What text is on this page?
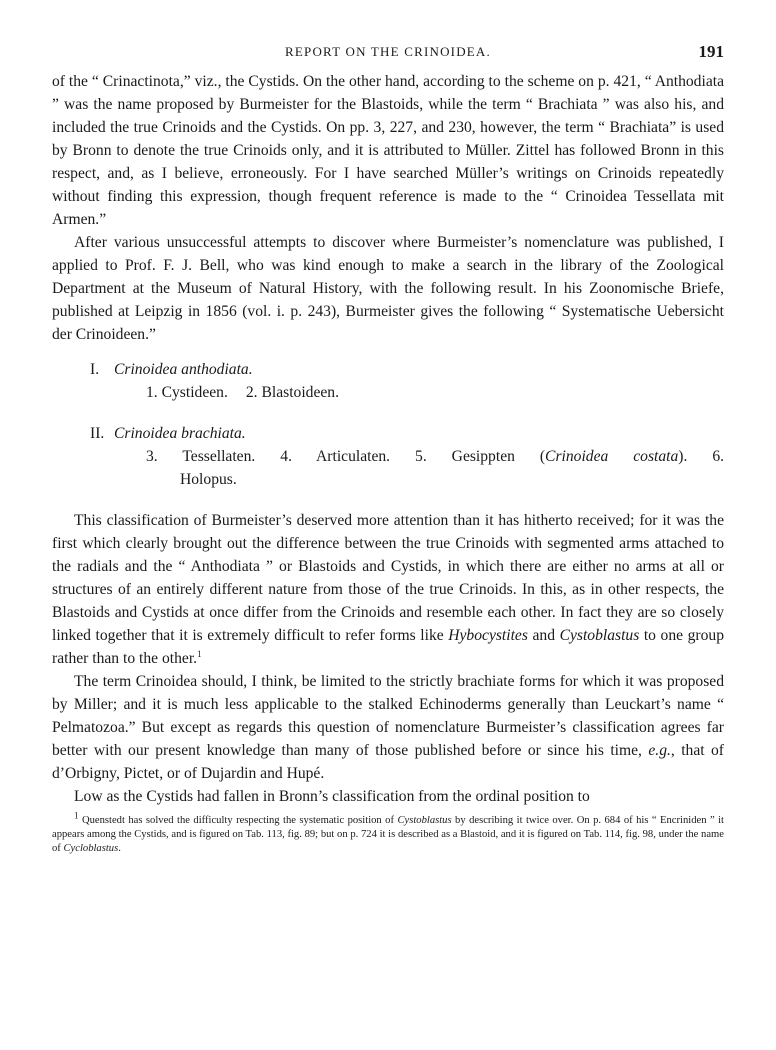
REPORT ON THE CRINOIDEA.	191

of the “ Crinactinota,” viz., the Cystids. On the other hand, according to the scheme on p. 421, “ Anthodiata ” was the name proposed by Burmeister for the Blastoids, while the term “ Brachiata ” was also his, and included the true Crinoids and the Cystids. On pp. 3, 227, and 230, however, the term “ Brachiata” is used by Bronn to denote the true Crinoids only, and it is attributed to Müller. Zittel has followed Bronn in this respect, and, as I believe, erroneously. For I have searched Müller’s writings on Crinoids repeatedly without finding this expression, though frequent reference is made to the “ Crinoidea Tessellata mit Armen.”

After various unsuccessful attempts to discover where Burmeister’s nomenclature was published, I applied to Prof. F. J. Bell, who was kind enough to make a search in the library of the Zoological Department at the Museum of Natural History, with the following result. In his Zoonomische Briefe, published at Leipzig in 1856 (vol. i. p. 243), Burmeister gives the following “ Systematische Uebersicht der Crinoideen.”

I. Crinoidea anthodiata.
1. Cystideen. 2. Blastoideen.
II. Crinoidea brachiata.
3. Tessellaten. 4. Articulaten. 5. Gesippten (Crinoidea costata). 6.
Holopus.

This classification of Burmeister’s deserved more attention than it has hitherto received; for it was the first which clearly brought out the difference between the true Crinoids with segmented arms attached to the radials and the “ Anthodiata ” or Blastoids and Cystids, in which there are either no arms at all or structures of an entirely different nature from those of the true Crinoids. In this, as in other respects, the Blastoids and Cystids at once differ from the Crinoids and resemble each other. In fact they are so closely linked together that it is extremely difficult to refer forms like Hybocystites and Cystoblastus to one group rather than to the other.$^1$

The term Crinoidea should, I think, be limited to the strictly brachiate forms for which it was proposed by Miller; and it is much less applicable to the stalked Echinoderms generally than Leuckart’s name “ Pelmatozoa.” But except as regards this question of nomenclature Burmeister’s classification agrees far better with our present knowledge than many of those published before or since his time, e.g., that of d’Orbigny, Pictet, or of Dujardin and Hupé.

Low as the Cystids had fallen in Bronn’s classification from the ordinal position to

$^1$ Quenstedt has solved the difficulty respecting the systematic position of Cystoblastus by describing it twice over. On p. 684 of his “ Encriniden ” it appears among the Cystids, and is figured on Tab. 113, fig. 89; but on p. 724 it is described as a Blastoid, and it is figured on Tab. 114, fig. 98, under the name of Cycloblastus.
